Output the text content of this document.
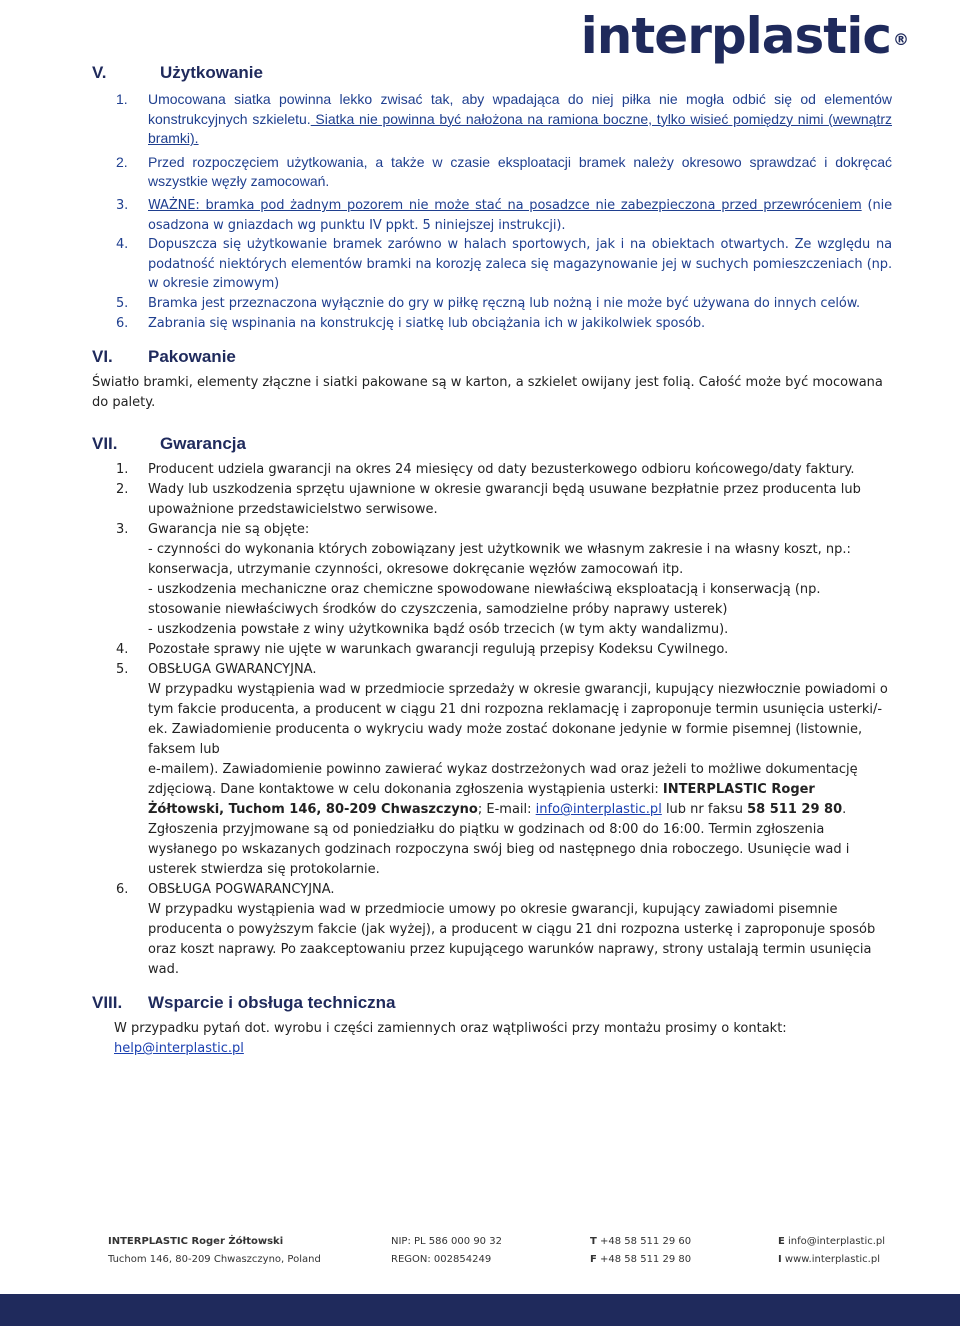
interplastic ®
V.	Użytkowanie
1. Umocowana siatka powinna lekko zwisać tak, aby wpadająca do niej piłka nie mogła odbić się od elementów konstrukcyjnych szkieletu. Siatka nie powinna być nałożona na ramiona boczne, tylko wisieć pomiędzy nimi (wewnątrz bramki).
2. Przed rozpoczęciem użytkowania, a także w czasie eksploatacji bramek należy okresowo sprawdzać i dokręcać wszystkie węzły zamocowań.
3. WAŻNE: bramka pod żadnym pozorem nie może stać na posadzce nie zabezpieczona przed przewróceniem (nie osadzona w gniazdach wg punktu IV ppkt. 5 niniejszej instrukcji).
4. Dopuszcza się użytkowanie bramek zarówno w halach sportowych, jak i na obiektach otwartych. Ze względu na podatność niektórych elementów bramki na korozję zaleca się magazynowanie jej w suchych pomieszczeniach (np. w okresie zimowym)
5. Bramka jest przeznaczona wyłącznie do gry w piłkę ręczną lub nożną i nie może być używana do innych celów.
6. Zabrania się wspinania na konstrukcję i siatkę lub obciążania ich w jakikolwiek sposób.
VI. Pakowanie
Światło bramki, elementy złączne i siatki pakowane są w karton, a szkielet owijany jest folią. Całość może być mocowana do palety.
VII. Gwarancja
1. Producent udziela gwarancji na okres 24 miesięcy od daty bezusterkowego odbioru końcowego/daty faktury.
2. Wady lub uszkodzenia sprzętu ujawnione w okresie gwarancji będą usuwane bezpłatnie przez producenta lub upoważnione przedstawicielstwo serwisowe.
3. Gwarancja nie są objęte:
- czynności do wykonania których zobowiązany jest użytkownik we własnym zakresie i na własny koszt, np.: konserwacja, utrzymanie czynności, okresowe dokręcanie węzłów zamocowań itp.
- uszkodzenia mechaniczne oraz chemiczne spowodowane niewłaściwą eksploatacją i konserwacją (np. stosowanie niewłaściwych środków do czyszczenia, samodzielne próby naprawy usterek)
- uszkodzenia powstałe z winy użytkownika bądź osób trzecich (w tym akty wandalizmu).
4. Pozostałe sprawy nie ujęte w warunkach gwarancji regulują przepisy Kodeksu Cywilnego.
5. OBSŁUGA GWARANCYJNA.
W przypadku wystąpienia wad w przedmiocie sprzedaży w okresie gwarancji, kupujący niezwłocznie powiadomi o tym fakcie producenta, a producent w ciągu 21 dni rozpozna reklamację i zaproponuje termin usunięcia usterki/-ek. Zawiadomienie producenta o wykryciu wady może zostać dokonane jedynie w formie pisemnej (listownie, faksem lub
e-mailem). Zawiadomienie powinno zawierać wykaz dostrzeżonych wad oraz jeżeli to możliwe dokumentację zdjęciową. Dane kontaktowe w celu dokonania zgłoszenia wystąpienia usterki: INTERPLASTIC Roger Żółtowski, Tuchom 146, 80-209 Chwaszczyno; E-mail: info@interplastic.pl lub nr faksu 58 511 29 80. Zgłoszenia przyjmowane są od poniedziałku do piątku w godzinach od 8:00 do 16:00. Termin zgłoszenia wysłanego po wskazanych godzinach rozpoczyna swój bieg od następnego dnia roboczego. Usunięcie wad i usterek stwierdza się protokolarnie.
6. OBSŁUGA POGWARANCYJNA.
W przypadku wystąpienia wad w przedmiocie umowy po okresie gwarancji, kupujący zawiadomi pisemnie producenta o powyższym fakcie (jak wyżej), a producent w ciągu 21 dni rozpozna usterkę i zaproponuje sposób oraz koszt naprawy. Po zaakceptowaniu przez kupującego warunków naprawy, strony ustalają termin usunięcia wad.
VIII. Wsparcie i obsługa techniczna
W przypadku pytań dot. wyrobu i części zamiennych oraz wątpliwości przy montażu prosimy o kontakt:
help@interplastic.pl
INTERPLASTIC Roger Żółtowski
Tuchom 146, 80-209 Chwaszczyno, Poland
NIP: PL 586 000 90 32
REGON: 002854249
T +48 58 511 29 60
F +48 58 511 29 80
E info@interplastic.pl
I www.interplastic.pl
